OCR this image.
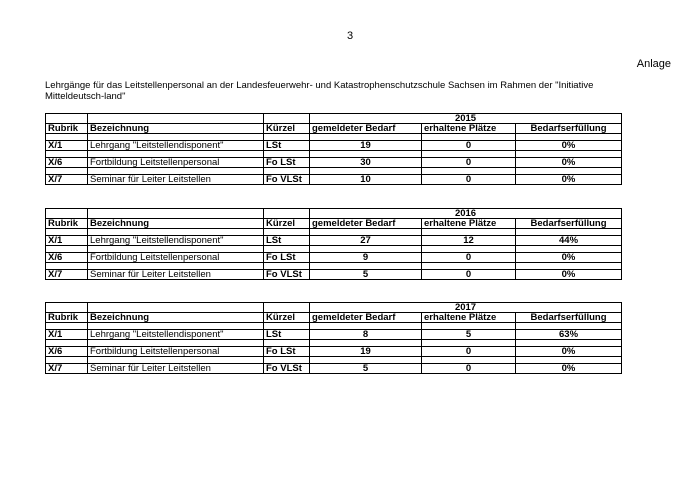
3
Anlage
Lehrgänge für das Leitstellenpersonal an der Landesfeuerwehr- und Katastrophenschutzschule Sachsen im Rahmen der "Initiative Mitteldeutsch-land"
			2015		
Rubrik	Bezeichnung	Kürzel	gemeldeter Bedarf	erhaltene Plätze	Bedarfserfüllung

X/1	Lehrgang "Leitstellendisponent"	LSt	19	0	0%

X/6	Fortbildung Leitstellenpersonal	Fo LSt	30	0	0%

X/7	Seminar für Leiter Leitstellen	Fo VLSt	10	0	0%
			2016		
Rubrik	Bezeichnung	Kürzel	gemeldeter Bedarf	erhaltene Plätze	Bedarfserfüllung

X/1	Lehrgang "Leitstellendisponent"	LSt	27	12	44%

X/6	Fortbildung Leitstellenpersonal	Fo LSt	9	0	0%

X/7	Seminar für Leiter Leitstellen	Fo VLSt	5	0	0%
			2017		
Rubrik	Bezeichnung	Kürzel	gemeldeter Bedarf	erhaltene Plätze	Bedarfserfüllung

X/1	Lehrgang "Leitstellendisponent"	LSt	8	5	63%

X/6	Fortbildung Leitstellenpersonal	Fo LSt	19	0	0%

X/7	Seminar für Leiter Leitstellen	Fo VLSt	5	0	0%
